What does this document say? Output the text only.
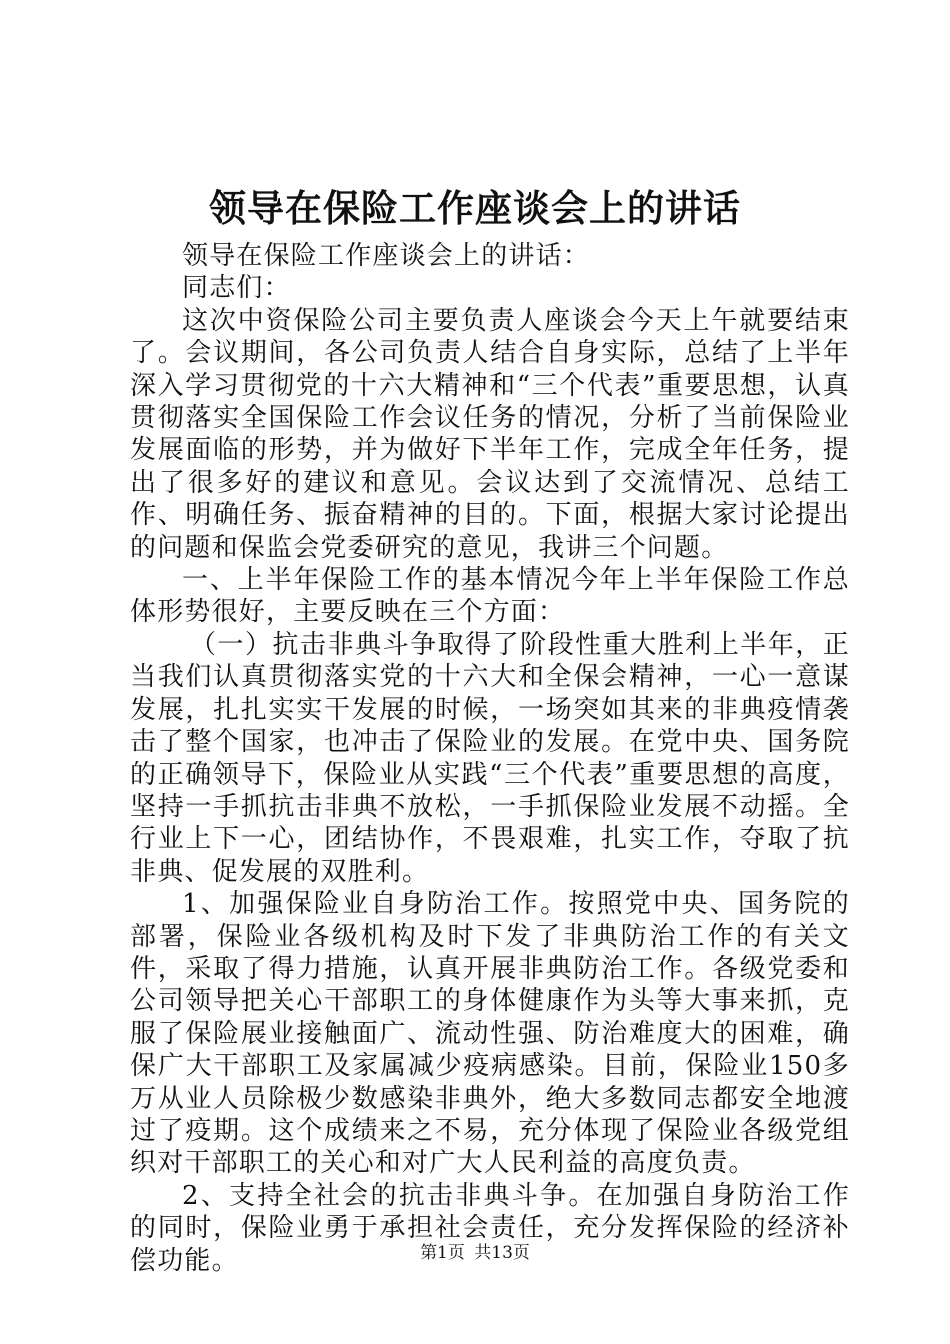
领导在保险工作座谈会上的讲话

领导在保险工作座谈会上的讲话：

同志们：

这次中资保险公司主要负责人座谈会今天上午就要结束了。会议期间，各公司负责人结合自身实际，总结了上半年深入学习贯彻党的十六大精神和“三个代表”重要思想，认真贯彻落实全国保险工作会议任务的情况，分析了当前保险业发展面临的形势，并为做好下半年工作，完成全年任务，提出了很多好的建议和意见。会议达到了交流情况、总结工作、明确任务、振奋精神的目的。下面，根据大家讨论提出的问题和保监会党委研究的意见，我讲三个问题。

一、上半年保险工作的基本情况今年上半年保险工作总体形势很好，主要反映在三个方面：

（一）抗击非典斗争取得了阶段性重大胜利上半年，正当我们认真贯彻落实党的十六大和全保会精神，一心一意谋发展，扎扎实实干发展的时候，一场突如其来的非典疫情袭击了整个国家，也冲击了保险业的发展。在党中央、国务院的正确领导下，保险业从实践“三个代表”重要思想的高度，坚持一手抓抗击非典不放松，一手抓保险业发展不动摇。全行业上下一心，团结协作，不畏艰难，扎实工作，夺取了抗非典、促发展的双胜利。

1、加强保险业自身防治工作。按照党中央、国务院的部署，保险业各级机构及时下发了非典防治工作的有关文件，采取了得力措施，认真开展非典防治工作。各级党委和公司领导把关心干部职工的身体健康作为头等大事来抓，克服了保险展业接触面广、流动性强、防治难度大的困难，确保广大干部职工及家属减少疫病感染。目前，保险业150多万从业人员除极少数感染非典外，绝大多数同志都安全地渡过了疫期。这个成绩来之不易，充分体现了保险业各级党组织对干部职工的关心和对广大人民利益的高度负责。

2、支持全社会的抗击非典斗争。在加强自身防治工作的同时，保险业勇于承担社会责任，充分发挥保险的经济补偿功能。	第1页 共13页
